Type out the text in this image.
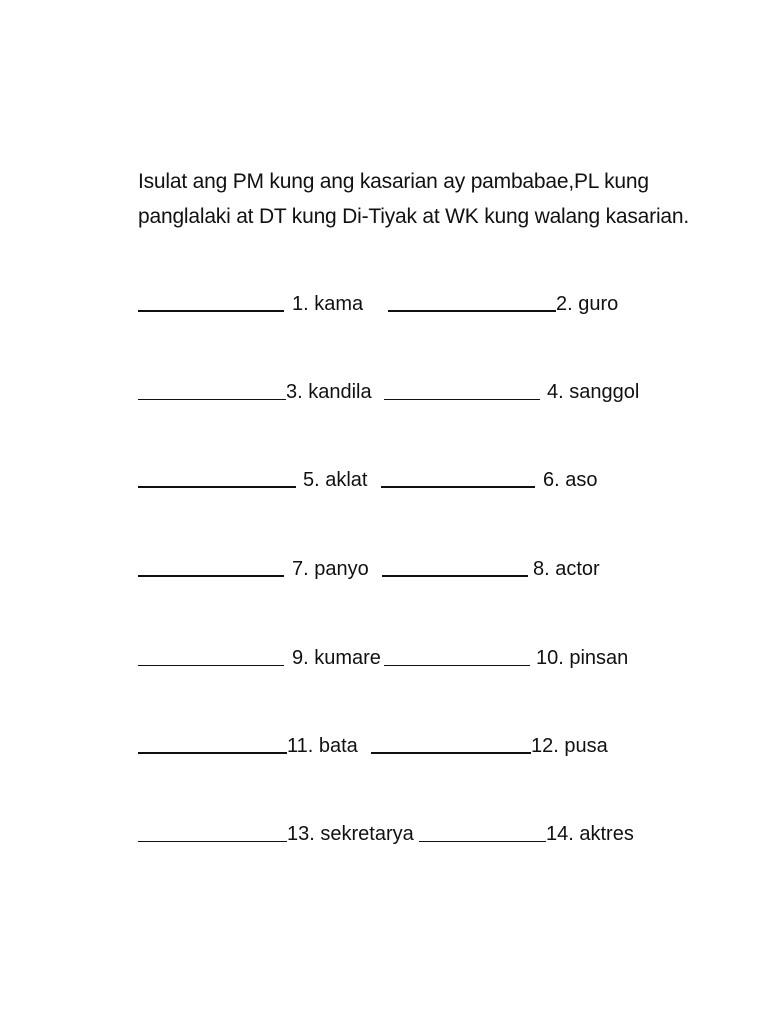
Isulat ang PM kung ang kasarian ay pambabae,PL kung
panglalaki at DT kung Di-Tiyak at WK kung walang kasarian.
1. kama	2. guro
3. kandila	4. sanggol
5. aklat	6. aso
7. panyo	8. actor
9. kumare	10. pinsan
11. bata	12. pusa
13. sekretarya	14. aktres
